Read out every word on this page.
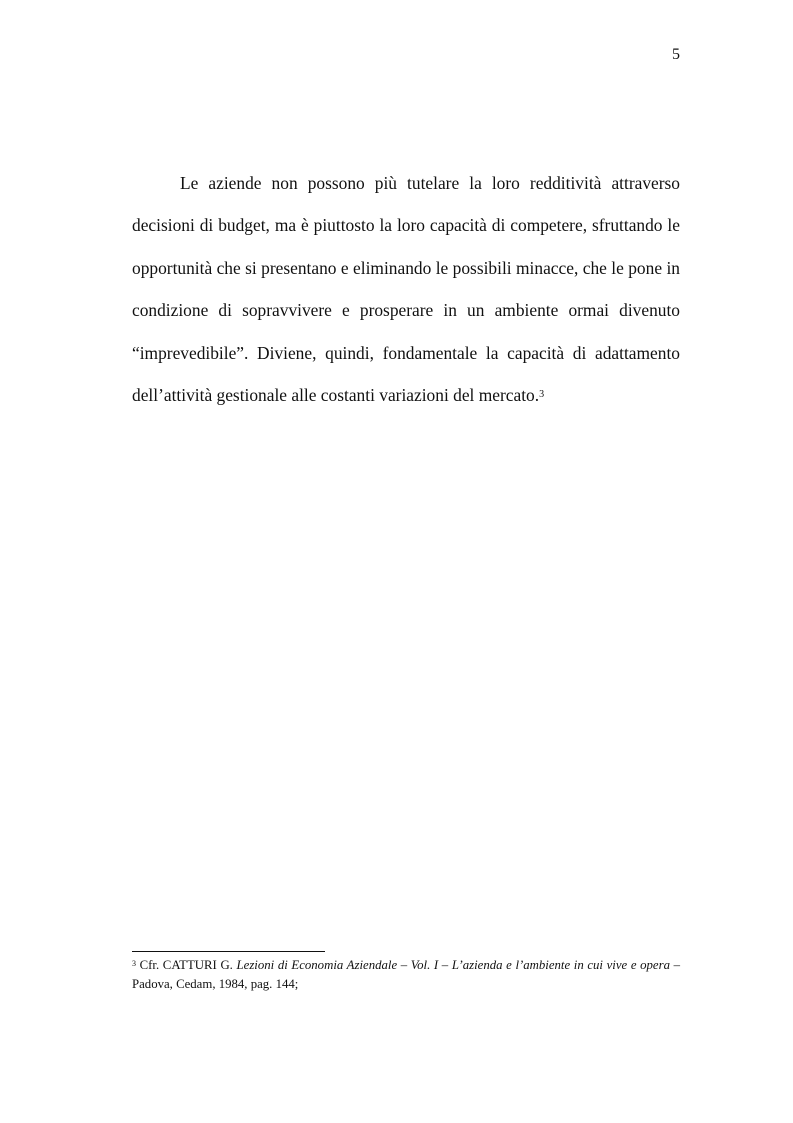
5

Le aziende non possono più tutelare la loro redditività attraverso decisioni di budget, ma è piuttosto la loro capacità di competere, sfruttando le opportunità che si presentano e eliminando le possibili minacce, che le pone in condizione di sopravvivere e prosperare in un ambiente ormai divenuto “imprevedibile”. Diviene, quindi, fondamentale la capacità di adattamento dell’attività gestionale alle costanti variazioni del mercato.$^3$

$^3$ Cfr. CATTURI G. Lezioni di Economia Aziendale – Vol. I – L’azienda e l’ambiente in cui vive e opera – Padova, Cedam, 1984, pag. 144;
